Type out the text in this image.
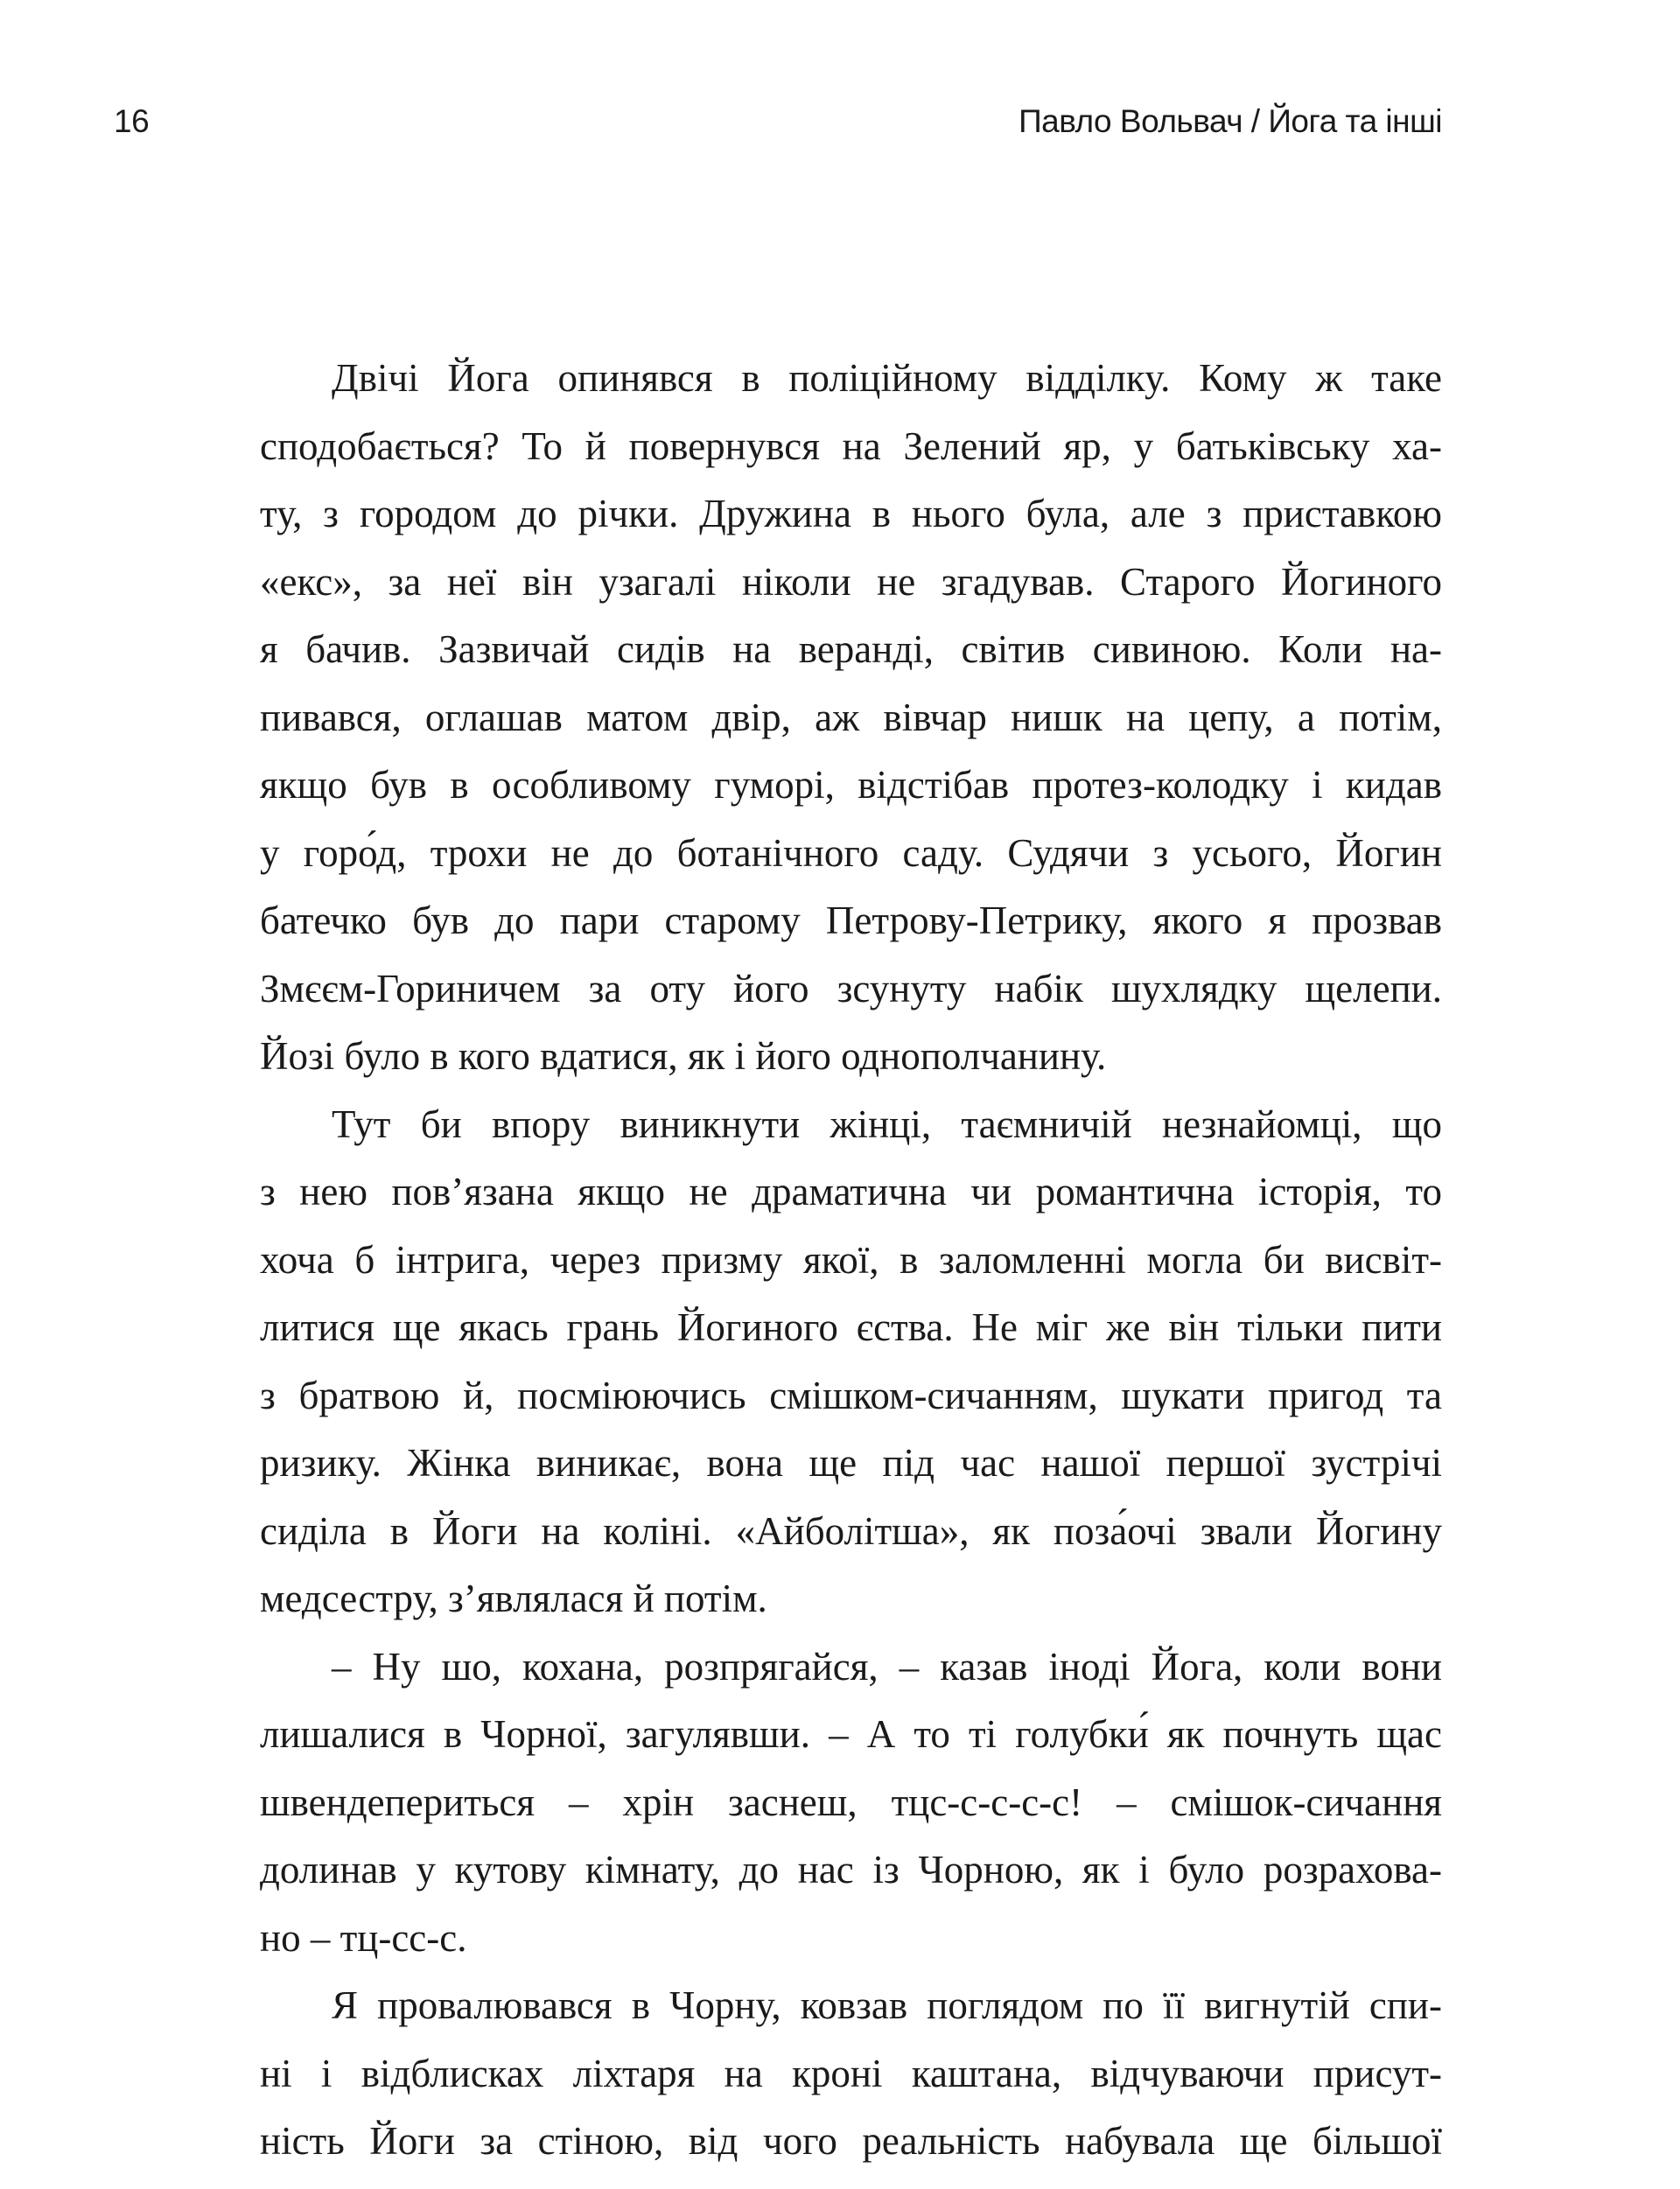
16	Павло Вольвач / Йога та інші
Двічі Йога опинявся в поліційному відділку. Кому ж таке
сподобається? То й повернувся на Зелений яр, у батьківську ха-
ту, з городом до річки. Дружина в нього була, але з приставкою
«екс», за неї він узагалі ніколи не згадував. Старого Йогиного
я бачив. Зазвичай сидів на веранді, світив сивиною. Коли на-
пивався, оглашав матом двір, аж вівчар нишк на цепу, а потім,
якщо був в особливому гуморі, відстібав протез-колодку і кидав
у горо́д, трохи не до ботанічного саду. Судячи з усього, Йогин
батечко був до пари старому Петрову-Петрику, якого я прозвав
Змєєм-Гориничем за оту його зсунуту набік шухлядку щелепи.
Йозі було в кого вдатися, як і його однополчанину.
Тут би впору виникнути жінці, таємничій незнайомці, що
з нею пов’язана якщо не драматична чи романтична історія, то
хоча б інтрига, через призму якої, в заломленні могла би висвіт-
литися ще якась грань Йогиного єства. Не міг же він тільки пити
з братвою й, посміюючись смішком-сичанням, шукати пригод та
ризику. Жінка виникає, вона ще під час нашої першої зустрічі
сиділа в Йоги на коліні. «Айболітша», як поза́очі звали Йогину
медсестру, з’являлася й потім.
– Ну шо, кохана, розпрягайся, – казав іноді Йога, коли вони
лишалися в Чорної, загулявши. – А то ті голубки́ як почнуть щас
швендепериться – хрін заснеш, тцс-с-с-с-с! – смішок-сичання
долинав у кутову кімнату, до нас із Чорною, як і було розрахова-
но – тц-сс-с.
Я провалювався в Чорну, ковзав поглядом по її вигнутій спи-
ні і відблисках ліхтаря на кроні каштана, відчуваючи присут-
ність Йоги за стіною, від чого реальність набувала ще більшої
